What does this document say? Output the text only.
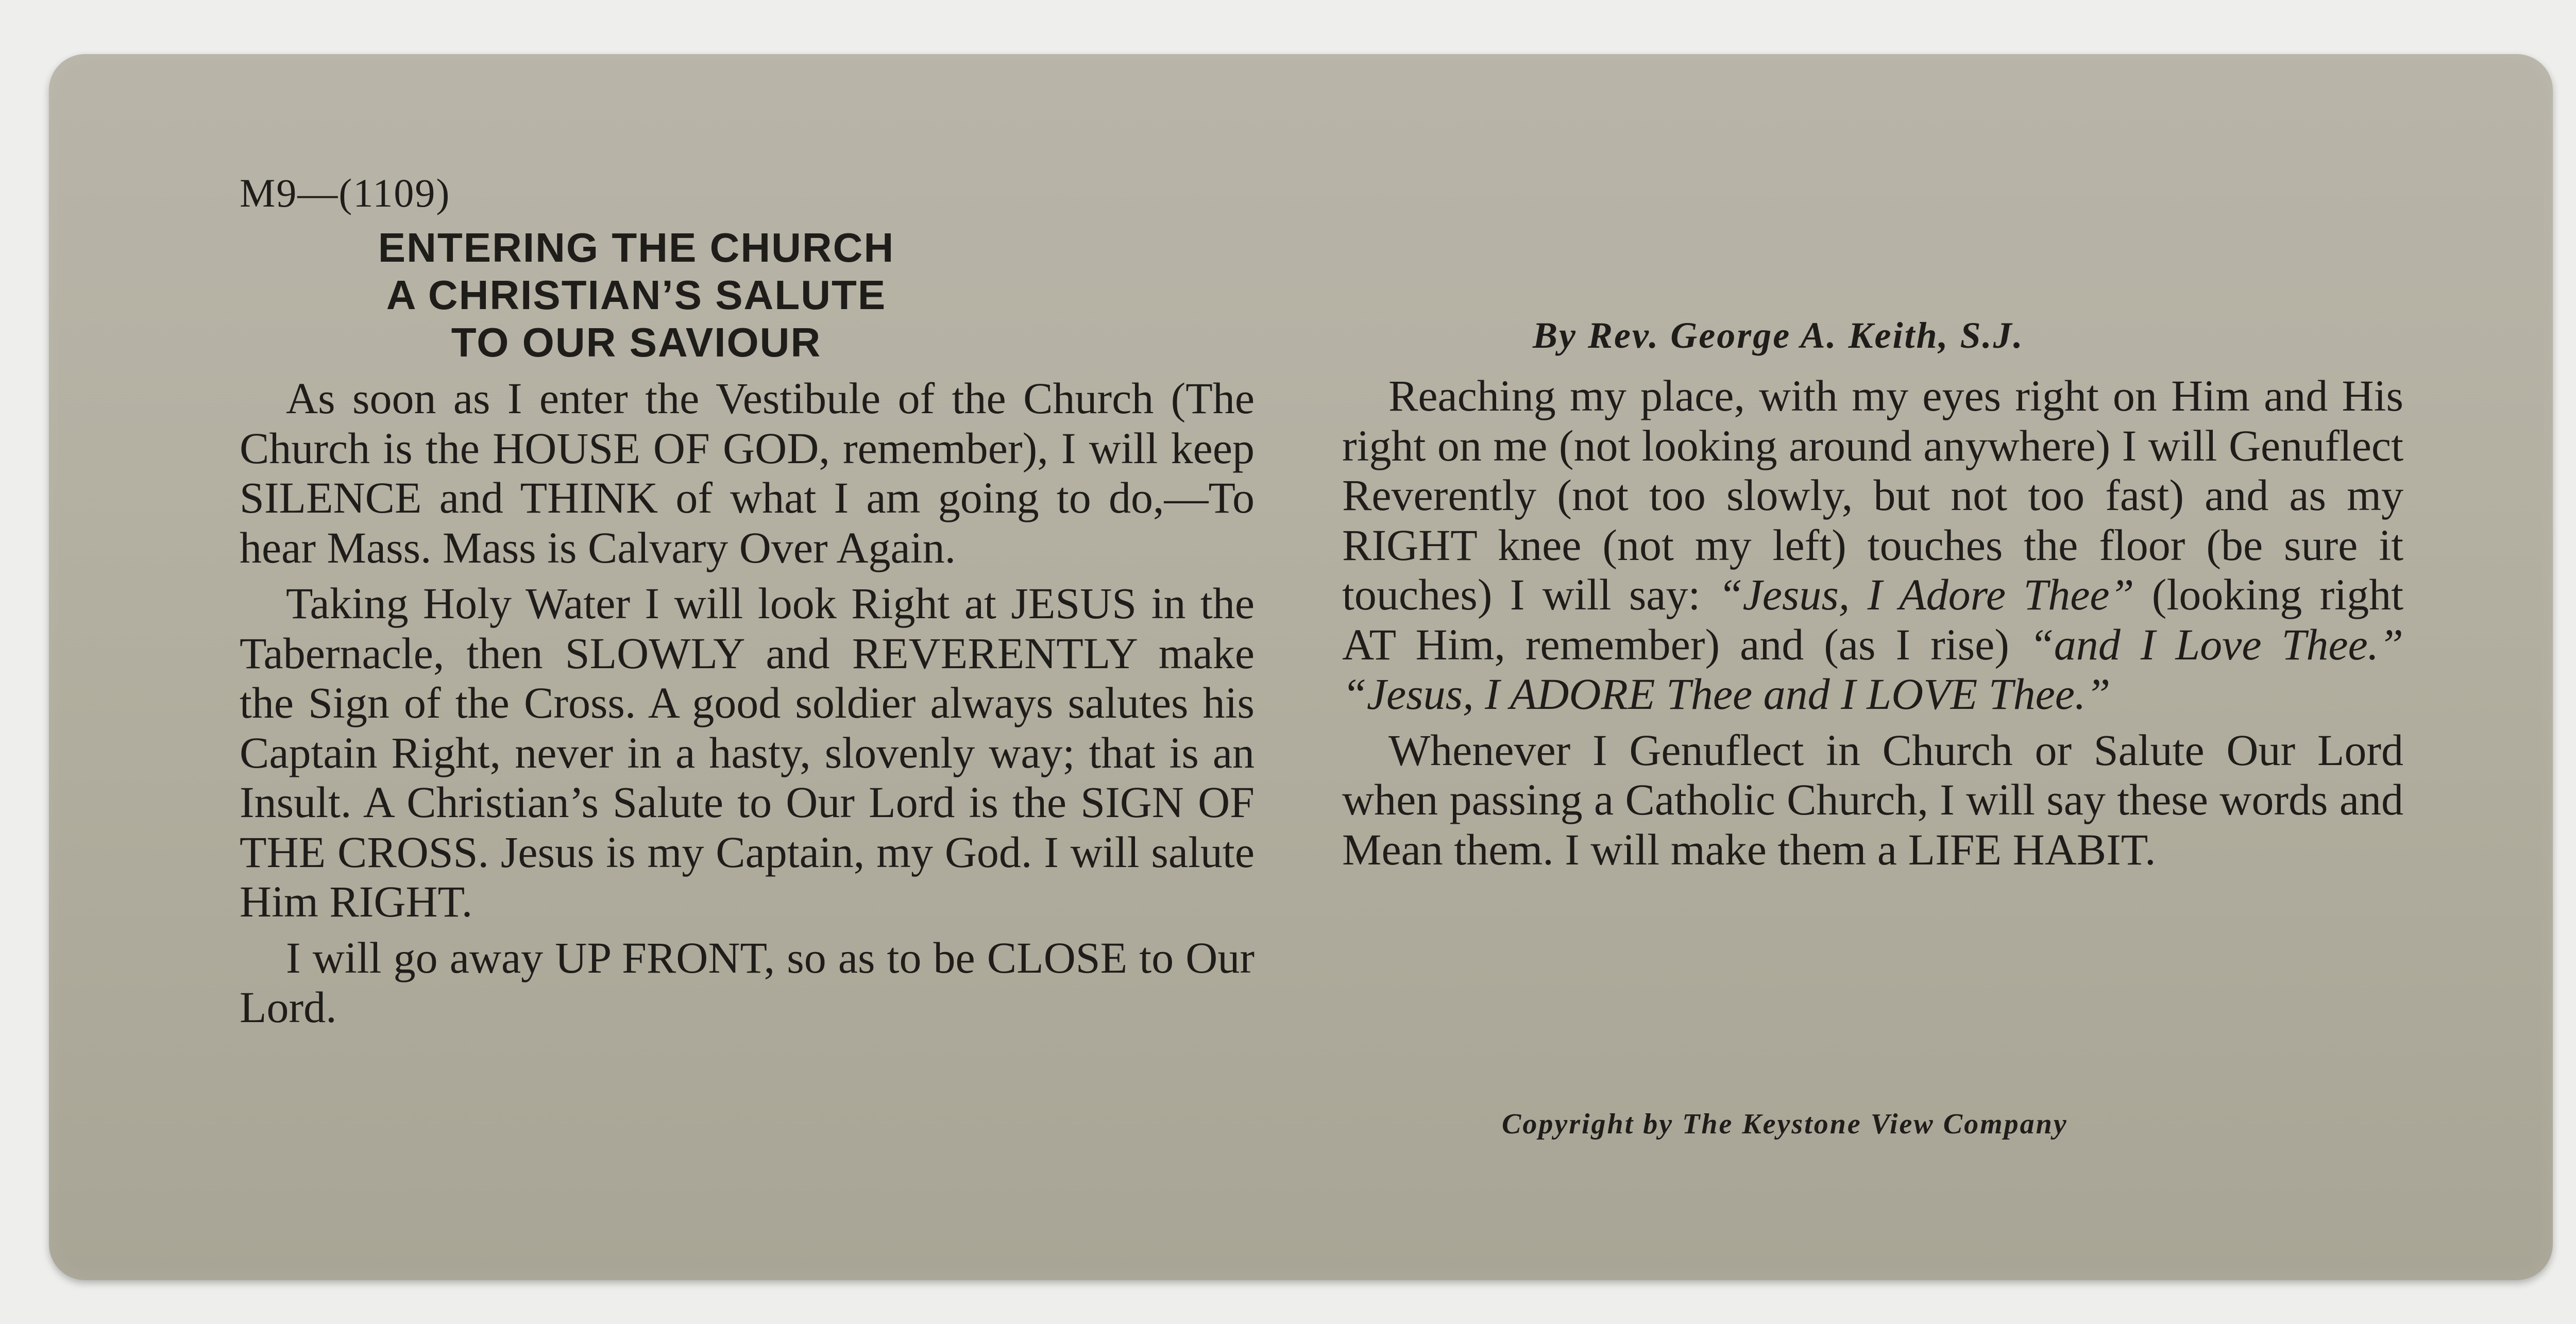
M9—(1109)
ENTERING THE CHURCH
A CHRISTIAN’S SALUTE
TO OUR SAVIOUR	By Rev. George A. Keith, S.J.

As soon as I enter the Vestibule of the Church (The Church is the HOUSE OF GOD, remember), I will keep SILENCE and THINK of what I am going to do,—To hear Mass. Mass is Calvary Over Again.

Taking Holy Water I will look Right at JESUS in the Tabernacle, then SLOWLY and REVERENTLY make the Sign of the Cross. A good soldier always salutes his Captain Right, never in a hasty, slovenly way; that is an Insult. A Christian’s Salute to Our Lord is the SIGN OF THE CROSS. Jesus is my Captain, my God. I will salute Him RIGHT.

I will go away UP FRONT, so as to be CLOSE to Our Lord.

Reaching my place, with my eyes right on Him and His right on me (not looking around anywhere) I will Genuflect Reverently (not too slowly, but not too fast) and as my RIGHT knee (not my left) touches the floor (be sure it touches) I will say: “Jesus, I Adore Thee” (looking right AT Him, remember) and (as I rise) “and I Love Thee.” “Jesus, I ADORE Thee and I LOVE Thee.”

Whenever I Genuflect in Church or Salute Our Lord when passing a Catholic Church, I will say these words and Mean them. I will make them a LIFE HABIT.

Copyright by The Keystone View Company
